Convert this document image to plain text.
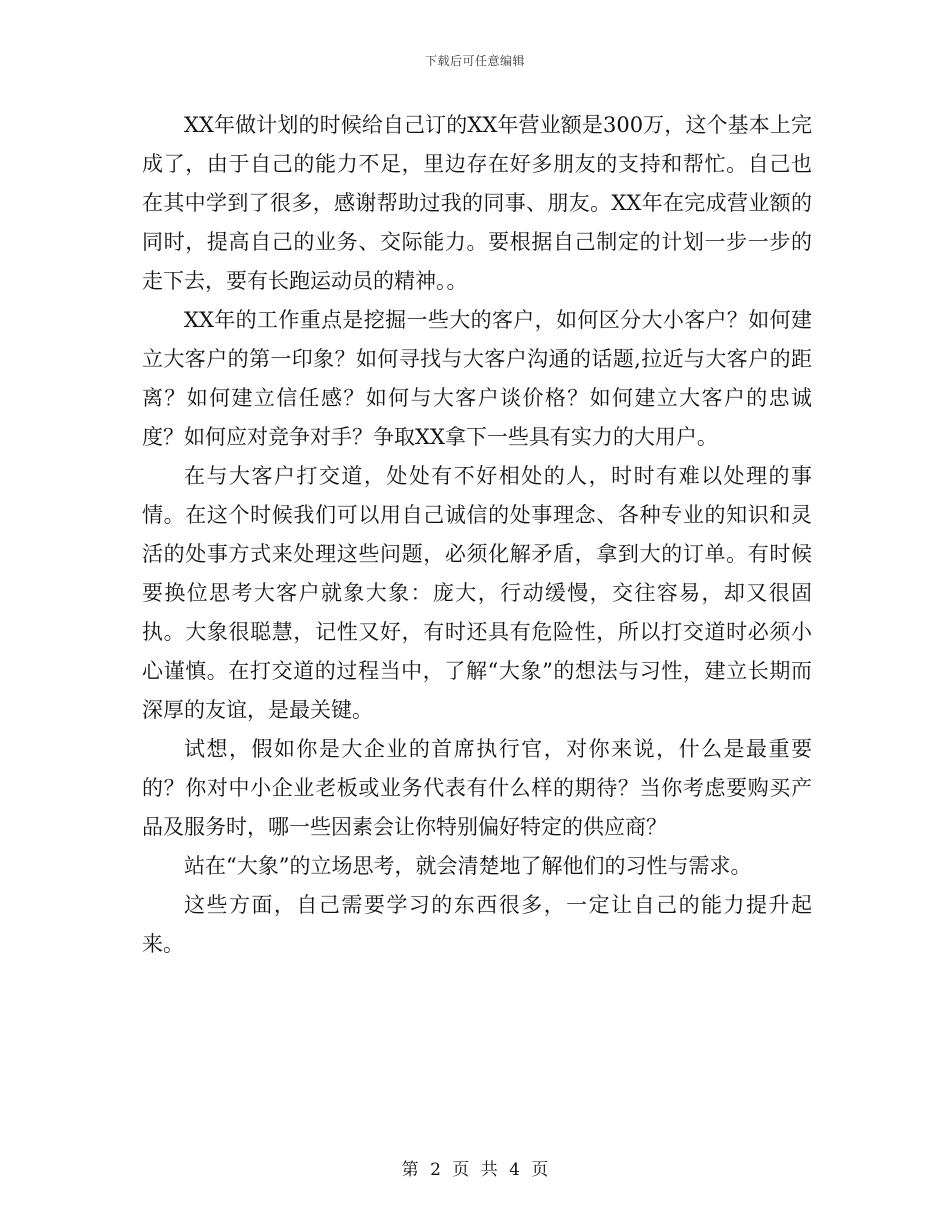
下载后可任意编辑

XX年做计划的时候给自己订的XX年营业额是300万，这个基本上完成了，由于自己的能力不足，里边存在好多朋友的支持和帮忙。自己也在其中学到了很多，感谢帮助过我的同事、朋友。XX年在完成营业额的同时，提高自己的业务、交际能力。要根据自己制定的计划一步一步的走下去，要有长跑运动员的精神。。

XX年的工作重点是挖掘一些大的客户，如何区分大小客户？如何建立大客户的第一印象？如何寻找与大客户沟通的话题,拉近与大客户的距离？如何建立信任感？如何与大客户谈价格？如何建立大客户的忠诚度？如何应对竞争对手？争取XX拿下一些具有实力的大用户。

在与大客户打交道，处处有不好相处的人，时时有难以处理的事情。在这个时候我们可以用自己诚信的处事理念、各种专业的知识和灵活的处事方式来处理这些问题，必须化解矛盾，拿到大的订单。有时候要换位思考大客户就象大象：庞大，行动缓慢，交往容易，却又很固执。大象很聪慧，记性又好，有时还具有危险性，所以打交道时必须小心谨慎。在打交道的过程当中，了解“大象”的想法与习性，建立长期而深厚的友谊，是最关键。

试想，假如你是大企业的首席执行官，对你来说，什么是最重要的？你对中小企业老板或业务代表有什么样的期待？当你考虑要购买产品及服务时，哪一些因素会让你特别偏好特定的供应商？

站在“大象”的立场思考，就会清楚地了解他们的习性与需求。

这些方面，自己需要学习的东西很多，一定让自己的能力提升起来。

第 2 页 共 4 页
